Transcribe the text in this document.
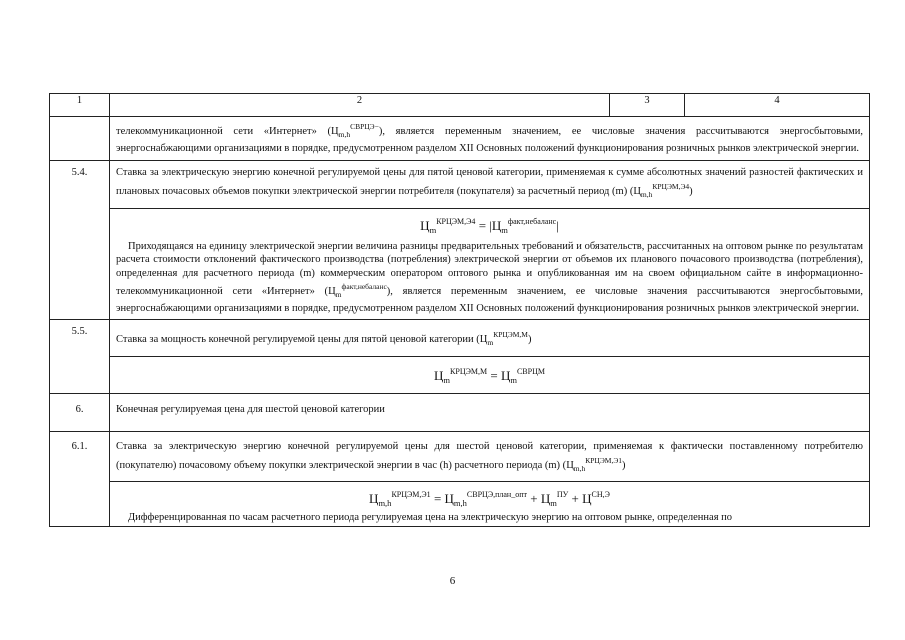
1	2	3	4

	телекоммуникационной сети «Интернет» $(Ц_{m,h}^{СВРЦЭ-})$, является переменным значением, ее числовые значения рассчитываются энергосбытовыми, энергоснабжающими организациями в порядке, предусмотренном разделом XII Основных положений функционирования розничных рынков электрической энергии.		

5.4.	Ставка за электрическую энергию конечной регулируемой цены для пятой ценовой категории, применяемая к сумме абсолютных значений разностей фактических и плановых почасовых объемов покупки электрической энергии потребителя (покупателя) за расчетный период (m) $(Ц_{m,h}^{КРЦЭМ,Э4})$		

	$Ц_m^{КРЦЭМ,Э4} = |Ц_m^{факт,небаланс}|$
Приходящаяся на единицу электрической энергии величина разницы предварительных требований и обязательств, рассчитанных на оптовом рынке по результатам расчета стоимости отклонений фактического производства (потребления) электрической энергии от объемов их планового почасового производства (потребления), определенная для расчетного периода (m) коммерческим оператором оптового рынка и опубликованная им на своем официальном сайте в информационно-телекоммуникационной сети «Интернет» $(Ц_m^{факт,небаланс})$, является переменным значением, ее числовые значения рассчитываются энергосбытовыми, энергоснабжающими организациями в порядке, предусмотренном разделом XII Основных положений функционирования розничных рынков электрической энергии.		

5.5.	Ставка за мощность конечной регулируемой цены для пятой ценовой категории $(Ц_m^{КРЦЭМ,М})$		

	$Ц_m^{КРЦЭМ,М} = Ц_m^{СВРЦМ}$

6.	Конечная регулируемая цена для шестой ценовой категории		

6.1.	Ставка за электрическую энергию конечной регулируемой цены для шестой ценовой категории, применяемая к фактически поставленному потребителю (покупателю) почасовому объему покупки электрической энергии в час (h) расчетного периода (m) $(Ц_{m,h}^{КРЦЭМ,Э1})$		

	$Ц_{m,h}^{КРЦЭМ,Э1} = Ц_{m,h}^{СВРЦЭ,план\_опт} + Ц_m^{ПУ} + Ц^{СН,Э}$
Дифференцированная по часам расчетного периода регулируемая цена на электрическую энергию на оптовом рынке, определенная по		
6
